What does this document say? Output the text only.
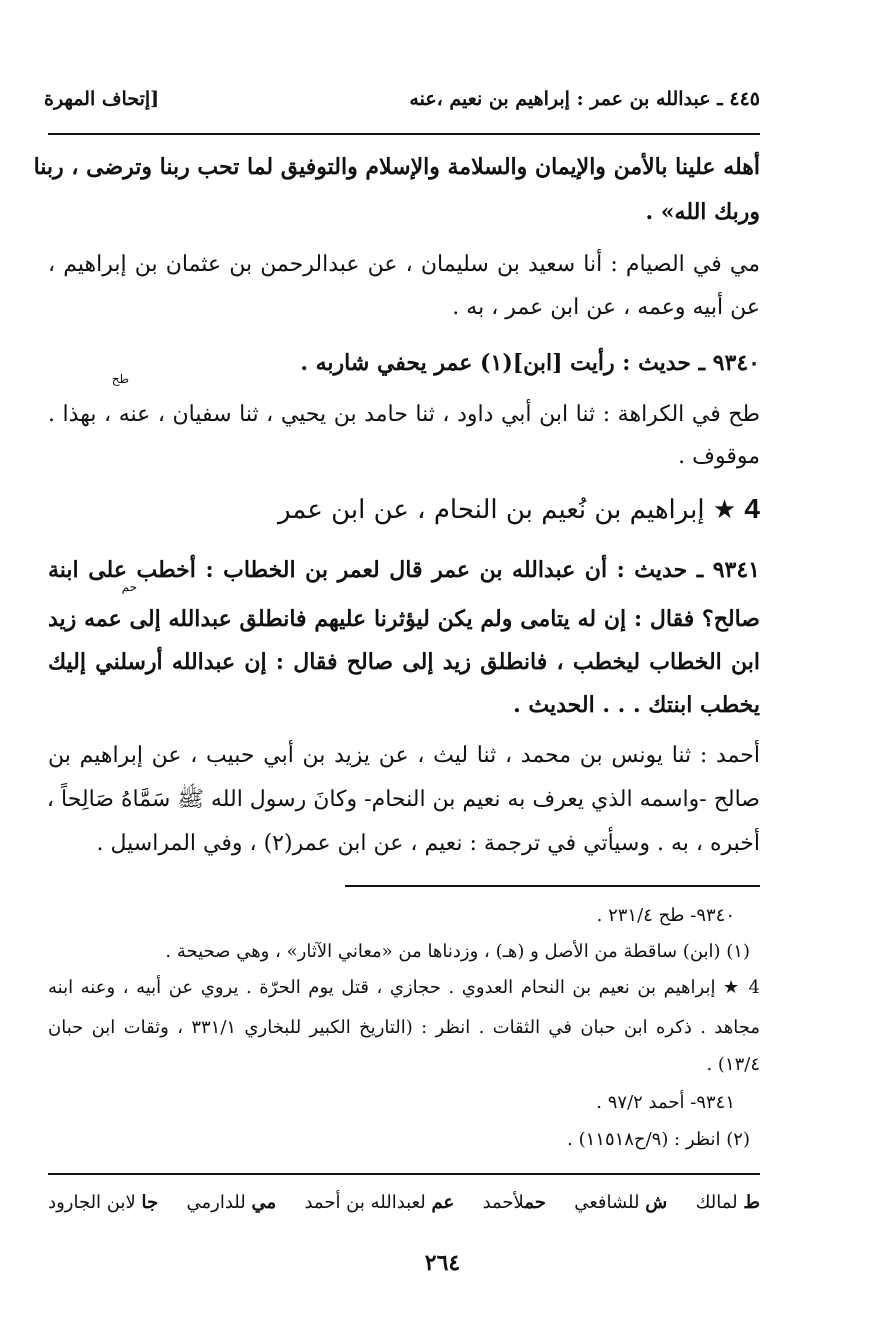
٤٤٥ ـ عبدالله بن عمر : إبراهيم بن نعيم ،عنه
[إتحاف المهرة
أهله علينا بالأمن والإيمان والسلامة والإسلام والتوفيق لما تحب ربنا وترضى ، ربنا
وربك الله» .
مي في الصيام : أنا سعيد بن سليمان ، عن عبدالرحمن بن عثمان بن إبراهيم ،
عن أبيه وعمه ، عن ابن عمر ، به .
٩٣٤٠ ـ حديث : رأيت [ابن](١) عمر يحفي شاربه .
طح
طح في الكراهة : ثنا ابن أبي داود ، ثنا حامد بن يحيي ، ثنا سفيان ، عنه ، بهذا .
موقوف .
4 ★ إبراهيم بن نُعيم بن النحام ، عن ابن عمر
٩٣٤١ ـ حديث : أن عبدالله بن عمر قال لعمر بن الخطاب : أخطب على ابنة
حم
صالح؟ فقال : إن له يتامى ولم يكن ليؤثرنا عليهم فانطلق عبدالله إلى عمه زيد
ابن الخطاب ليخطب ، فانطلق زيد إلى صالح فقال : إن عبدالله أرسلني إليك
يخطب ابنتك . . . الحديث .
أحمد : ثنا يونس بن محمد ، ثنا ليث ، عن يزيد بن أبي حبيب ، عن إبراهيم بن
صالح -واسمه الذي يعرف به نعيم بن النحام- وكانَ رسول الله ﷺ سَمَّاهُ صَالِحاً ،
أخبره ، به . وسيأتي في ترجمة : نعيم ، عن ابن عمر(٢) ، وفي المراسيل .
٩٣٤٠- طح ٢٣١/٤ .
(١) (ابن) ساقطة من الأصل و (هـ) ، وزدناها من «معاني الآثار» ، وهي صحيحة .
4 ★ إبراهيم بن نعيم بن النحام العدوي . حجازي ، قتل يوم الحرّة . يروي عن أبيه ، وعنه ابنه
مجاهد . ذكره ابن حبان في الثقات . انظر : (التاريخ الكبير للبخاري ٣٣١/١ ، وثقات ابن حبان
١٣/٤) .
٩٣٤١- أحمد ٩٧/٢ .
(٢) انظر : (٩/ح١١٥١٨) .
ط لمالك
ش للشافعي
حملأحمد
عم لعبدالله بن أحمد
مي للدارمي
جا لابن الجارود
٢٦٤
